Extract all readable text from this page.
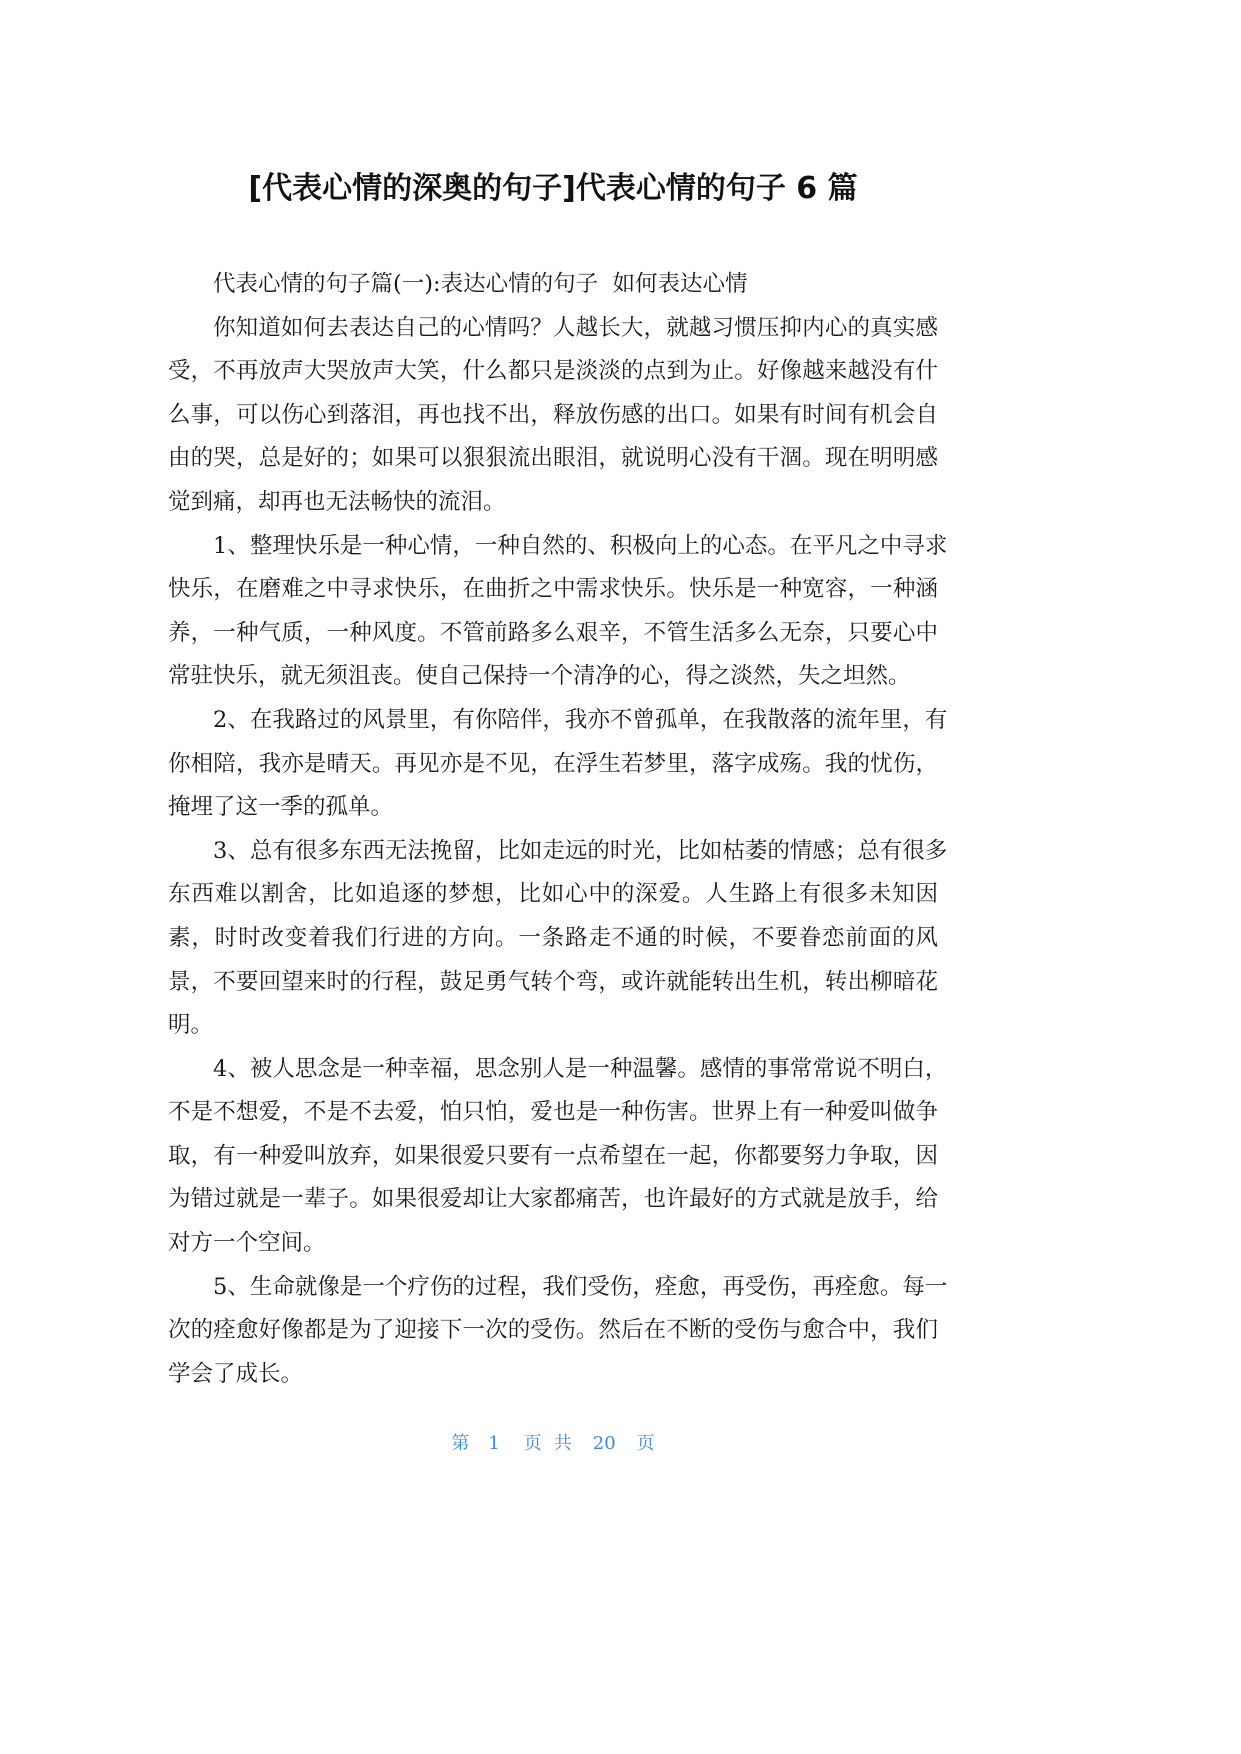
[代表心情的深奥的句子]代表心情的句子 6 篇
代表心情的句子篇(一):表达心情的句子  如何表达心情
你知道如何去表达自己的心情吗？人越长大，就越习惯压抑内心的真实感
受，不再放声大哭放声大笑，什么都只是淡淡的点到为止。好像越来越没有什
么事，可以伤心到落泪，再也找不出，释放伤感的出口。如果有时间有机会自
由的哭，总是好的；如果可以狠狠流出眼泪，就说明心没有干涸。现在明明感
觉到痛，却再也无法畅快的流泪。
1、整理快乐是一种心情，一种自然的、积极向上的心态。在平凡之中寻求
快乐，在磨难之中寻求快乐，在曲折之中需求快乐。快乐是一种宽容，一种涵
养，一种气质，一种风度。不管前路多么艰辛，不管生活多么无奈，只要心中
常驻快乐，就无须沮丧。使自己保持一个清净的心，得之淡然，失之坦然。
2、在我路过的风景里，有你陪伴，我亦不曾孤单，在我散落的流年里，有
你相陪，我亦是晴天。再见亦是不见，在浮生若梦里，落字成殇。我的忧伤，
掩埋了这一季的孤单。
3、总有很多东西无法挽留，比如走远的时光，比如枯萎的情感；总有很多
东西难以割舍，比如追逐的梦想，比如心中的深爱。人生路上有很多未知因
素，时时改变着我们行进的方向。一条路走不通的时候，不要眷恋前面的风
景，不要回望来时的行程，鼓足勇气转个弯，或许就能转出生机，转出柳暗花
明。
4、被人思念是一种幸福，思念别人是一种温馨。感情的事常常说不明白，
不是不想爱，不是不去爱，怕只怕，爱也是一种伤害。世界上有一种爱叫做争
取，有一种爱叫放弃，如果很爱只要有一点希望在一起，你都要努力争取，因
为错过就是一辈子。如果很爱却让大家都痛苦，也许最好的方式就是放手，给
对方一个空间。
5、生命就像是一个疗伤的过程，我们受伤，痊愈，再受伤，再痊愈。每一
次的痊愈好像都是为了迎接下一次的受伤。然后在不断的受伤与愈合中，我们
学会了成长。
第 1 页 共 20 页
